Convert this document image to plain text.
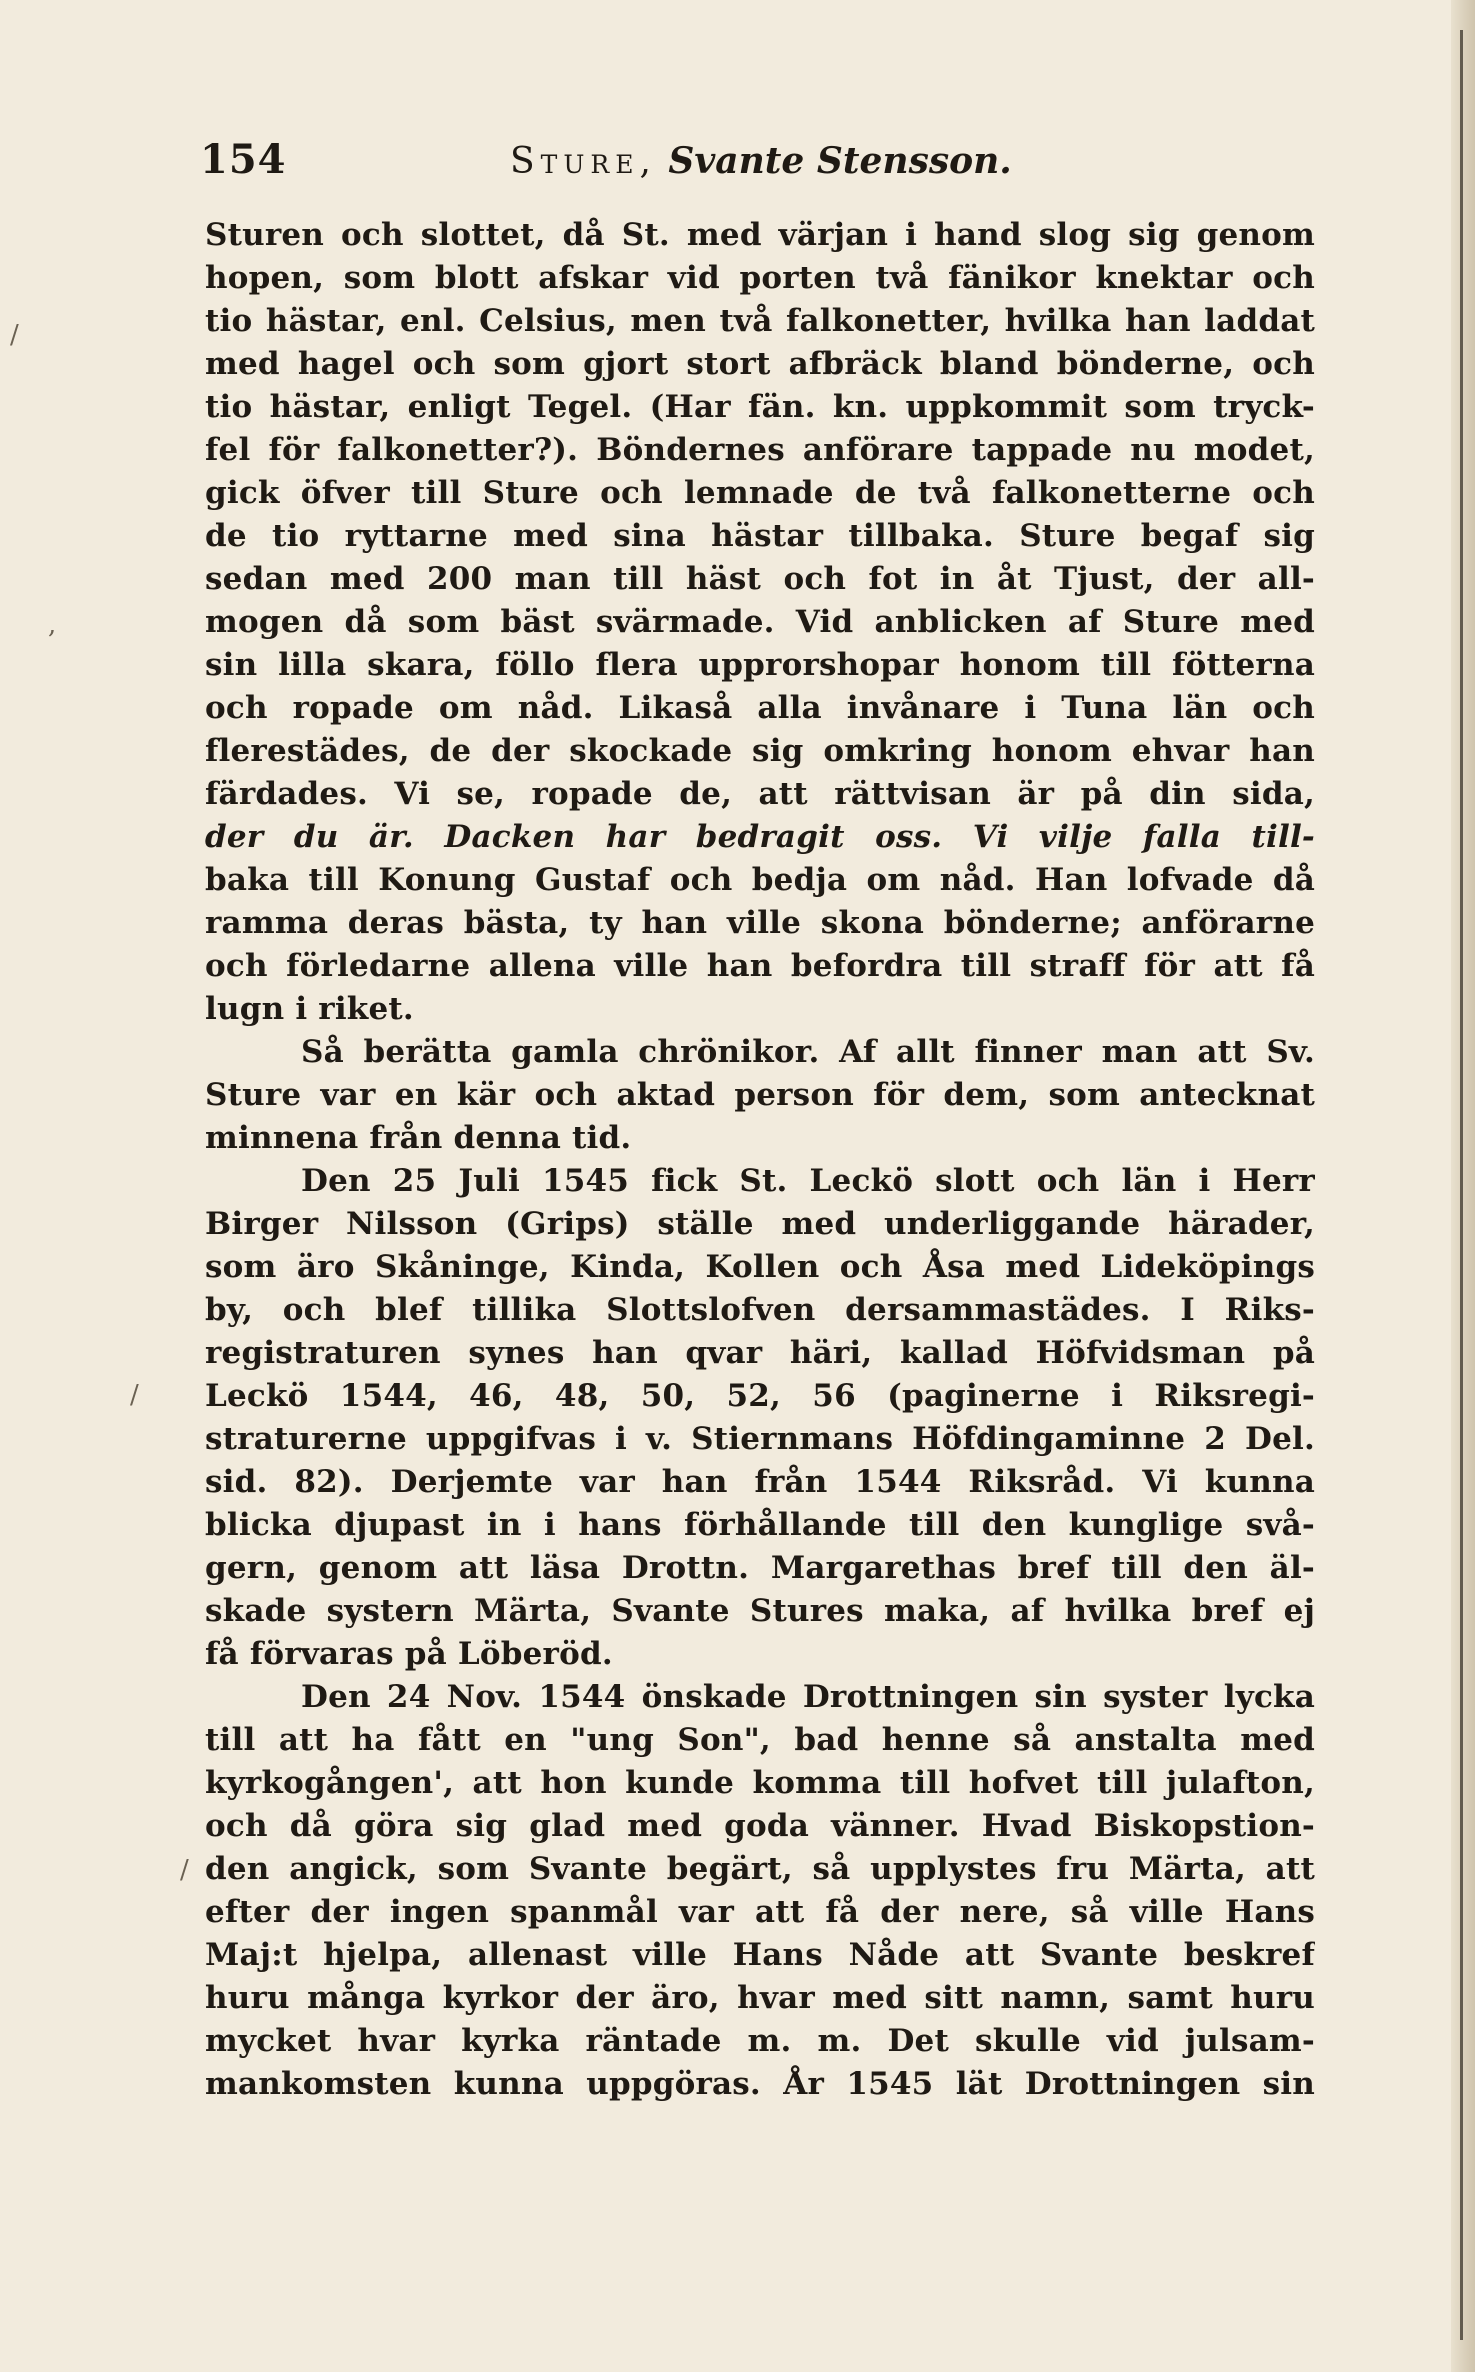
154	Sture, Svante Stensson.
Sturen och slottet, då St. med värjan i hand slog sig genom
hopen, som blott afskar vid porten två fänikor knektar och
tio hästar, enl. Celsius, men två falkonetter, hvilka han laddat
med hagel och som gjort stort afbräck bland bönderne, och
tio hästar, enligt Tegel. (Har fän. kn. uppkommit som tryck-
fel för falkonetter?). Böndernes anförare tappade nu modet,
gick öfver till Sture och lemnade de två falkonetterne och
de tio ryttarne med sina hästar tillbaka. Sture begaf sig
sedan med 200 man till häst och fot in åt Tjust, der all-
mogen då som bäst svärmade. Vid anblicken af Sture med
sin lilla skara, föllo flera upprorshopar honom till fötterna
och ropade om nåd. Likaså alla invånare i Tuna län och
flerestädes, de der skockade sig omkring honom ehvar han
färdades. Vi se, ropade de, att rättvisan är på din sida,
der du är. Dacken har bedragit oss. Vi vilje falla till-
baka till Konung Gustaf och bedja om nåd. Han lofvade då
ramma deras bästa, ty han ville skona bönderne; anförarne
och förledarne allena ville han befordra till straff för att få
lugn i riket.
Så berätta gamla chrönikor. Af allt finner man att Sv.
Sture var en kär och aktad person för dem, som antecknat
minnena från denna tid.
Den 25 Juli 1545 fick St. Leckö slott och län i Herr
Birger Nilsson (Grips) ställe med underliggande härader,
som äro Skåninge, Kinda, Kollen och Åsa med Lideköpings
by, och blef tillika Slottslofven dersammastädes. I Riks-
registraturen synes han qvar häri, kallad Höfvidsman på
Leckö 1544, 46, 48, 50, 52, 56 (paginerne i Riksregi-
straturerne uppgifvas i v. Stiernmans Höfdingaminne 2 Del.
sid. 82). Derjemte var han från 1544 Riksråd. Vi kunna
blicka djupast in i hans förhållande till den kunglige svå-
gern, genom att läsa Drottn. Margarethas bref till den äl-
skade systern Märta, Svante Stures maka, af hvilka bref ej
få förvaras på Löberöd.
Den 24 Nov. 1544 önskade Drottningen sin syster lycka
till att ha fått en "ung Son", bad henne så anstalta med
kyrkogången', att hon kunde komma till hofvet till julafton,
och då göra sig glad med goda vänner. Hvad Biskopstion-
den angick, som Svante begärt, så upplystes fru Märta, att
efter der ingen spanmål var att få der nere, så ville Hans
Maj:t hjelpa, allenast ville Hans Nåde att Svante beskref
huru många kyrkor der äro, hvar med sitt namn, samt huru
mycket hvar kyrka räntade m. m. Det skulle vid julsam-
mankomsten kunna uppgöras. År 1545 lät Drottningen sin
/
,
/
/
